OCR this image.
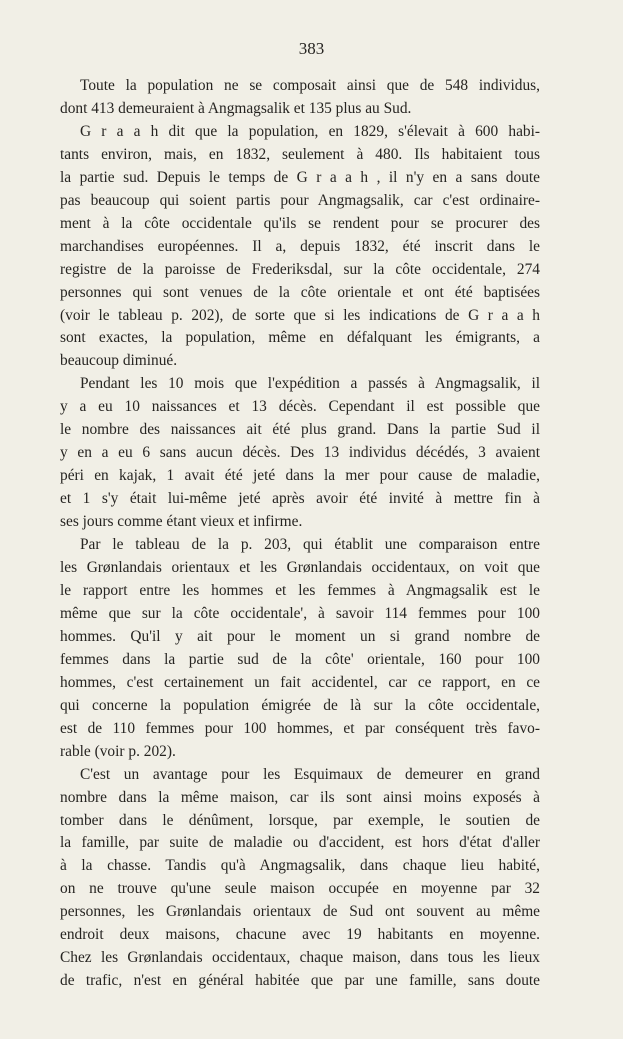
383

Toute la population ne se composait ainsi que de 548 individus,
dont 413 demeuraient à Angmagsalik et 135 plus au Sud.

G r a a h dit que la population, en 1829, s'élevait à 600 habi-
tants environ, mais, en 1832, seulement à 480. Ils habitaient tous
la partie sud. Depuis le temps de G r a a h , il n'y en a sans doute
pas beaucoup qui soient partis pour Angmagsalik, car c'est ordinaire-
ment à la côte occidentale qu'ils se rendent pour se procurer des
marchandises européennes. Il a, depuis 1832, été inscrit dans le
registre de la paroisse de Frederiksdal, sur la côte occidentale, 274
personnes qui sont venues de la côte orientale et ont été baptisées
(voir le tableau p. 202), de sorte que si les indications de G r a a h
sont exactes, la population, même en défalquant les émigrants, a
beaucoup diminué.

Pendant les 10 mois que l'expédition a passés à Angmagsalik, il
y a eu 10 naissances et 13 décès. Cependant il est possible que
le nombre des naissances ait été plus grand. Dans la partie Sud il
y en a eu 6 sans aucun décès. Des 13 individus décédés, 3 avaient
péri en kajak, 1 avait été jeté dans la mer pour cause de maladie,
et 1 s'y était lui-même jeté après avoir été invité à mettre fin à
ses jours comme étant vieux et infirme.

Par le tableau de la p. 203, qui établit une comparaison entre
les Grønlandais orientaux et les Grønlandais occidentaux, on voit que
le rapport entre les hommes et les femmes à Angmagsalik est le
même que sur la côte occidentale', à savoir 114 femmes pour 100
hommes. Qu'il y ait pour le moment un si grand nombre de
femmes dans la partie sud de la côte' orientale, 160 pour 100
hommes, c'est certainement un fait accidentel, car ce rapport, en ce
qui concerne la population émigrée de là sur la côte occidentale,
est de 110 femmes pour 100 hommes, et par conséquent très favo-
rable (voir p. 202).

C'est un avantage pour les Esquimaux de demeurer en grand
nombre dans la même maison, car ils sont ainsi moins exposés à
tomber dans le dénûment, lorsque, par exemple, le soutien de
la famille, par suite de maladie ou d'accident, est hors d'état d'aller
à la chasse. Tandis qu'à Angmagsalik, dans chaque lieu habité,
on ne trouve qu'une seule maison occupée en moyenne par 32
personnes, les Grønlandais orientaux de Sud ont souvent au même
endroit deux maisons, chacune avec 19 habitants en moyenne.
Chez les Grønlandais occidentaux, chaque maison, dans tous les lieux
de trafic, n'est en général habitée que par une famille, sans doute
